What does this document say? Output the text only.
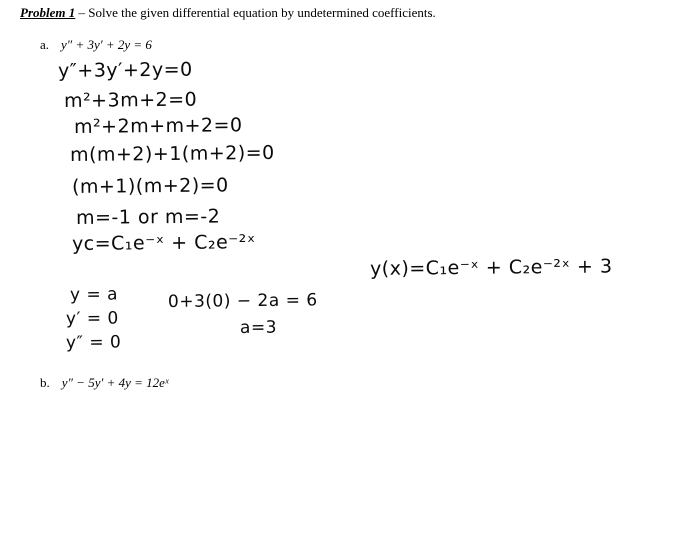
Problem 1 – Solve the given differential equation by undetermined coefficients.
a. y″ + 3y′ + 2y = 6
y″+3y′+2y=0
m²+3m+2=0
m²+2m+m+2=0
m(m+2)+1(m+2)=0
(m+1)(m+2)=0
m=-1 or m=-2
yc=C₁e⁻ˣ + C₂e⁻²ˣ
y = a
y′ = 0
y″ = 0
0+3(0) − 2a = 6
a=3
y(x)=C₁e⁻ˣ + C₂e⁻²ˣ + 3
b. y″ − 5y′ + 4y = 12eˣ
